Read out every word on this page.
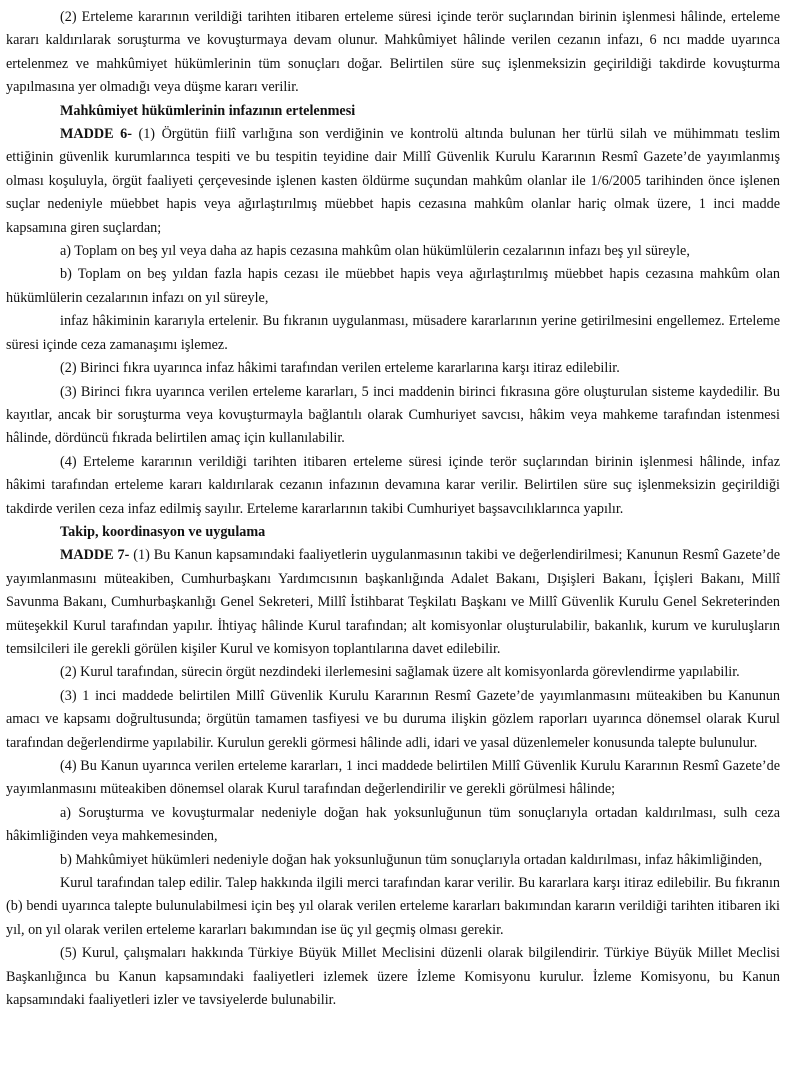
(2) Erteleme kararının verildiği tarihten itibaren erteleme süresi içinde terör suçlarından birinin işlenmesi hâlinde, erteleme kararı kaldırılarak soruşturma ve kovuşturmaya devam olunur. Mahkûmiyet hâlinde verilen cezanın infazı, 6 ncı madde uyarınca ertelenmez ve mahkûmiyet hükümlerinin tüm sonuçları doğar. Belirtilen süre suç işlenmeksizin geçirildiği takdirde kovuşturma yapılmasına yer olmadığı veya düşme kararı verilir.

Mahkûmiyet hükümlerinin infazının ertelenmesi

MADDE 6- (1) Örgütün fiilî varlığına son verdiğinin ve kontrolü altında bulunan her türlü silah ve mühimmatı teslim ettiğinin güvenlik kurumlarınca tespiti ve bu tespitin teyidine dair Millî Güvenlik Kurulu Kararının Resmî Gazete’de yayımlanmış olması koşuluyla, örgüt faaliyeti çerçevesinde işlenen kasten öldürme suçundan mahkûm olanlar ile 1/6/2005 tarihinden önce işlenen suçlar nedeniyle müebbet hapis veya ağırlaştırılmış müebbet hapis cezasına mahkûm olanlar hariç olmak üzere, 1 inci madde kapsamına giren suçlardan;

a) Toplam on beş yıl veya daha az hapis cezasına mahkûm olan hükümlülerin cezalarının infazı beş yıl süreyle,

b) Toplam on beş yıldan fazla hapis cezası ile müebbet hapis veya ağırlaştırılmış müebbet hapis cezasına mahkûm olan hükümlülerin cezalarının infazı on yıl süreyle,

infaz hâkiminin kararıyla ertelenir. Bu fıkranın uygulanması, müsadere kararlarının yerine getirilmesini engellemez. Erteleme süresi içinde ceza zamanaşımı işlemez.

(2) Birinci fıkra uyarınca infaz hâkimi tarafından verilen erteleme kararlarına karşı itiraz edilebilir.

(3) Birinci fıkra uyarınca verilen erteleme kararları, 5 inci maddenin birinci fıkrasına göre oluşturulan sisteme kaydedilir. Bu kayıtlar, ancak bir soruşturma veya kovuşturmayla bağlantılı olarak Cumhuriyet savcısı, hâkim veya mahkeme tarafından istenmesi hâlinde, dördüncü fıkrada belirtilen amaç için kullanılabilir.

(4) Erteleme kararının verildiği tarihten itibaren erteleme süresi içinde terör suçlarından birinin işlenmesi hâlinde, infaz hâkimi tarafından erteleme kararı kaldırılarak cezanın infazının devamına karar verilir. Belirtilen süre suç işlenmeksizin geçirildiği takdirde verilen ceza infaz edilmiş sayılır. Erteleme kararlarının takibi Cumhuriyet başsavcılıklarınca yapılır.

Takip, koordinasyon ve uygulama

MADDE 7- (1) Bu Kanun kapsamındaki faaliyetlerin uygulanmasının takibi ve değerlendirilmesi; Kanunun Resmî Gazete’de yayımlanmasını müteakiben, Cumhurbaşkanı Yardımcısının başkanlığında Adalet Bakanı, Dışişleri Bakanı, İçişleri Bakanı, Millî Savunma Bakanı, Cumhurbaşkanlığı Genel Sekreteri, Millî İstihbarat Teşkilatı Başkanı ve Millî Güvenlik Kurulu Genel Sekreterinden müteşekkil Kurul tarafından yapılır. İhtiyaç hâlinde Kurul tarafından; alt komisyonlar oluşturulabilir, bakanlık, kurum ve kuruluşların temsilcileri ile gerekli görülen kişiler Kurul ve komisyon toplantılarına davet edilebilir.

(2) Kurul tarafından, sürecin örgüt nezdindeki ilerlemesini sağlamak üzere alt komisyonlarda görevlendirme yapılabilir.

(3) 1 inci maddede belirtilen Millî Güvenlik Kurulu Kararının Resmî Gazete’de yayımlanmasını müteakiben bu Kanunun amacı ve kapsamı doğrultusunda; örgütün tamamen tasfiyesi ve bu duruma ilişkin gözlem raporları uyarınca dönemsel olarak Kurul tarafından değerlendirme yapılabilir. Kurulun gerekli görmesi hâlinde adli, idari ve yasal düzenlemeler konusunda talepte bulunulur.

(4) Bu Kanun uyarınca verilen erteleme kararları, 1 inci maddede belirtilen Millî Güvenlik Kurulu Kararının Resmî Gazete’de yayımlanmasını müteakiben dönemsel olarak Kurul tarafından değerlendirilir ve gerekli görülmesi hâlinde;

a) Soruşturma ve kovuşturmalar nedeniyle doğan hak yoksunluğunun tüm sonuçlarıyla ortadan kaldırılması, sulh ceza hâkimliğinden veya mahkemesinden,

b) Mahkûmiyet hükümleri nedeniyle doğan hak yoksunluğunun tüm sonuçlarıyla ortadan kaldırılması, infaz hâkimliğinden,

Kurul tarafından talep edilir. Talep hakkında ilgili merci tarafından karar verilir. Bu kararlara karşı itiraz edilebilir. Bu fıkranın (b) bendi uyarınca talepte bulunulabilmesi için beş yıl olarak verilen erteleme kararları bakımından kararın verildiği tarihten itibaren iki yıl, on yıl olarak verilen erteleme kararları bakımından ise üç yıl geçmiş olması gerekir.

(5) Kurul, çalışmaları hakkında Türkiye Büyük Millet Meclisini düzenli olarak bilgilendirir. Türkiye Büyük Millet Meclisi Başkanlığınca bu Kanun kapsamındaki faaliyetleri izlemek üzere İzleme Komisyonu kurulur. İzleme Komisyonu, bu Kanun kapsamındaki faaliyetleri izler ve tavsiyelerde bulunabilir.
